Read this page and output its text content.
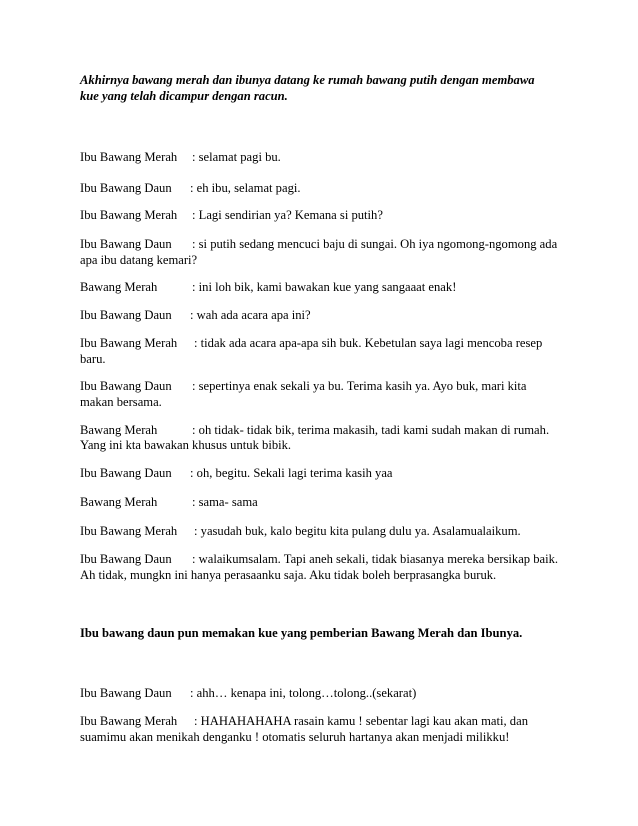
Akhirnya bawang merah dan ibunya datang ke rumah bawang putih dengan membawa
kue yang telah dicampur dengan racun.
Ibu Bawang Merah : selamat pagi bu.
Ibu Bawang Daun : eh ibu, selamat pagi.
Ibu Bawang Merah : Lagi sendirian ya? Kemana si putih?
Ibu Bawang Daun : si putih sedang mencuci baju di sungai. Oh iya ngomong-ngomong ada
apa ibu datang kemari?
Bawang Merah	: ini loh bik, kami bawakan kue yang sangaaat enak!
Ibu Bawang Daun : wah ada acara apa ini?
Ibu Bawang Merah : tidak ada acara apa-apa sih buk. Kebetulan saya lagi mencoba resep
baru.
Ibu Bawang Daun : sepertinya enak sekali ya bu. Terima kasih ya. Ayo buk, mari kita
makan bersama.
Bawang Merah	: oh tidak- tidak bik, terima makasih, tadi kami sudah makan di rumah.
Yang ini kta bawakan khusus untuk bibik.
Ibu Bawang Daun : oh, begitu. Sekali lagi terima kasih yaa
Bawang Merah	: sama- sama
Ibu Bawang Merah : yasudah buk, kalo begitu kita pulang dulu ya. Asalamualaikum.
Ibu Bawang Daun : walaikumsalam. Tapi aneh sekali, tidak biasanya mereka bersikap baik.
Ah tidak, mungkn ini hanya perasaanku saja. Aku tidak boleh berprasangka buruk.
Ibu bawang daun pun memakan kue yang pemberian Bawang Merah dan Ibunya.
Ibu Bawang Daun : ahh… kenapa ini, tolong…tolong..(sekarat)
Ibu Bawang Merah : HAHAHAHAHA rasain kamu ! sebentar lagi kau akan mati, dan
suamimu akan menikah denganku ! otomatis seluruh hartanya akan menjadi milikku!
